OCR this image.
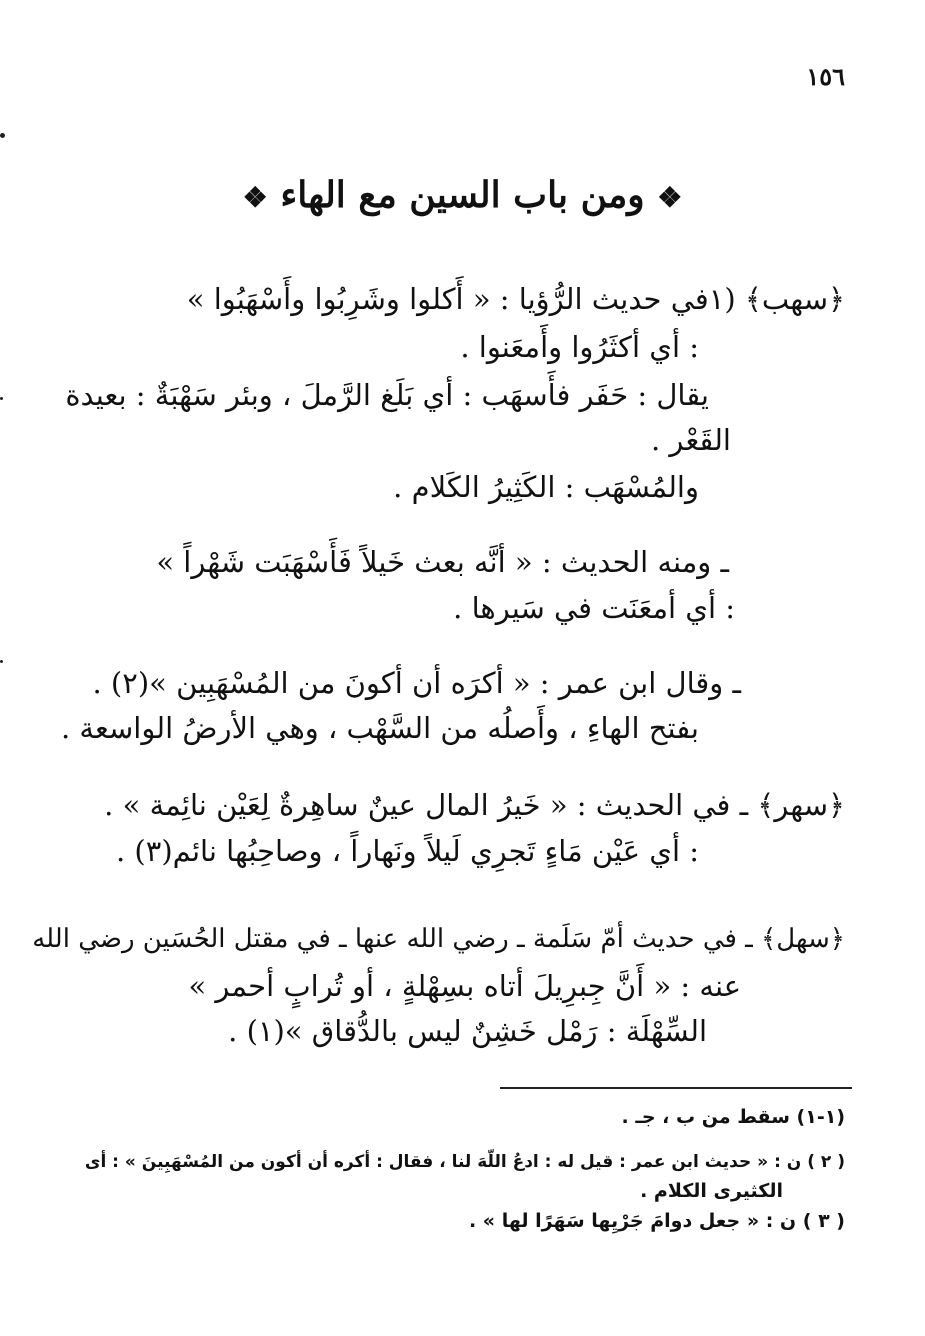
١٥٦
❖ ومن باب السين مع الهاء ❖
﴿سهب﴾ (١في حديث الرُّؤيا : « أَكلوا وشَرِبُوا وأَسْهَبُوا »
: أي أكثَرُوا وأَمعَنوا .
يقال : حَفَر فأَسهَب : أي بَلَغ الرَّملَ ، وبئر سَهْبَةٌ : بعيدة
القَعْر .
والمُسْهَب : الكَثِيرُ الكَلام .
ـ ومنه الحديث : « أنَّه بعث خَيلاً فَأَسْهَبَت شَهْراً »
: أي أمعَنَت في سَيرها .
ـ وقال ابن عمر : « أكرَه أن أكونَ من المُسْهَبِين »(٢) .
بفتح الهاءِ ، وأَصلُه من السَّهْب ، وهي الأرضُ الواسعة .
﴿سهر﴾ ـ في الحديث : « خَيرُ المال عينٌ ساهِرةٌ لِعَيْن نائِمة » .
: أي عَيْن مَاءٍ تَجرِي لَيلاً ونَهاراً ، وصاحِبُها نائم(٣) .
﴿سهل﴾ ـ في حديث أمّ سَلَمة ـ رضي الله عنها ـ في مقتل الحُسَين رضي الله
عنه : « أَنَّ جِبرِيلَ أتاه بسِهْلةٍ ، أو تُرابٍ أحمر »
السِّهْلَة : رَمْل خَشِنٌ ليس بالدُّقاق »(١) .
(١-١) سقط من ب ، جـ .
( ٢ ) ن : « حديث ابن عمر : قيل له : ادعُ اللّهَ لنا ، فقال : أكره أن أكون من المُسْهَبِينَ » : أى
الكثيرى الكلام .
( ٣ ) ن : « جعل دوامَ جَرْيِها سَهَرًا لها » .
